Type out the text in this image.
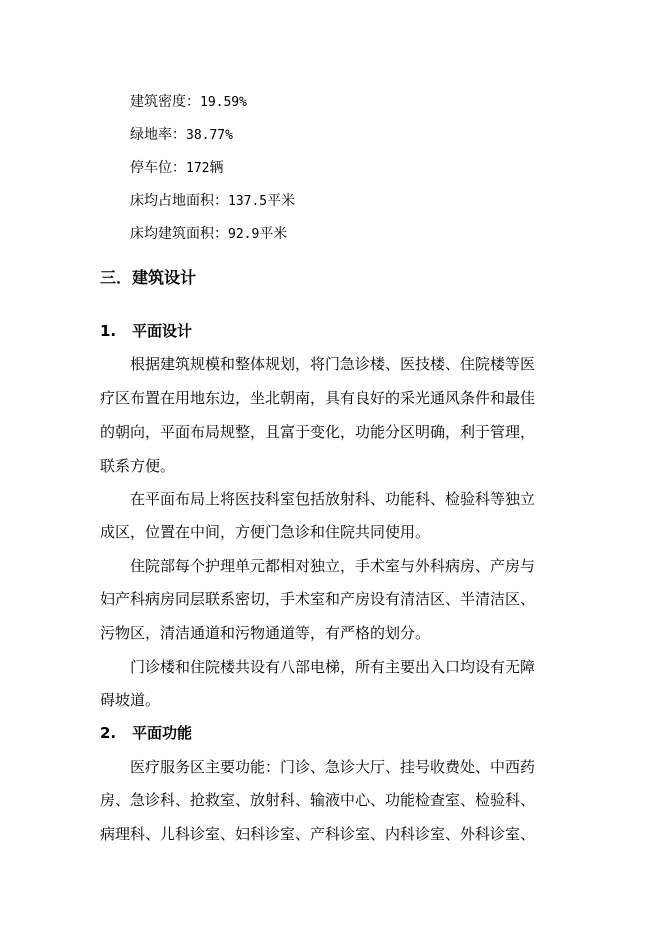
建筑密度：19.59%
绿地率：38.77%
停车位：172辆
床均占地面积：137.5平米
床均建筑面积：92.9平米
三．建筑设计
1. 平面设计
根据建筑规模和整体规划，将门急诊楼、医技楼、住院楼等医
疗区布置在用地东边，坐北朝南，具有良好的采光通风条件和最佳
的朝向，平面布局规整，且富于变化，功能分区明确，利于管理，
联系方便。
在平面布局上将医技科室包括放射科、功能科、检验科等独立
成区，位置在中间，方便门急诊和住院共同使用。
住院部每个护理单元都相对独立，手术室与外科病房、产房与
妇产科病房同层联系密切，手术室和产房设有清洁区、半清洁区、
污物区，清洁通道和污物通道等，有严格的划分。
门诊楼和住院楼共设有八部电梯，所有主要出入口均设有无障
碍坡道。
2. 平面功能
医疗服务区主要功能：门诊、急诊大厅、挂号收费处、中西药
房、急诊科、抢救室、放射科、输液中心、功能检查室、检验科、
病理科、儿科诊室、妇科诊室、产科诊室、内科诊室、外科诊室、
